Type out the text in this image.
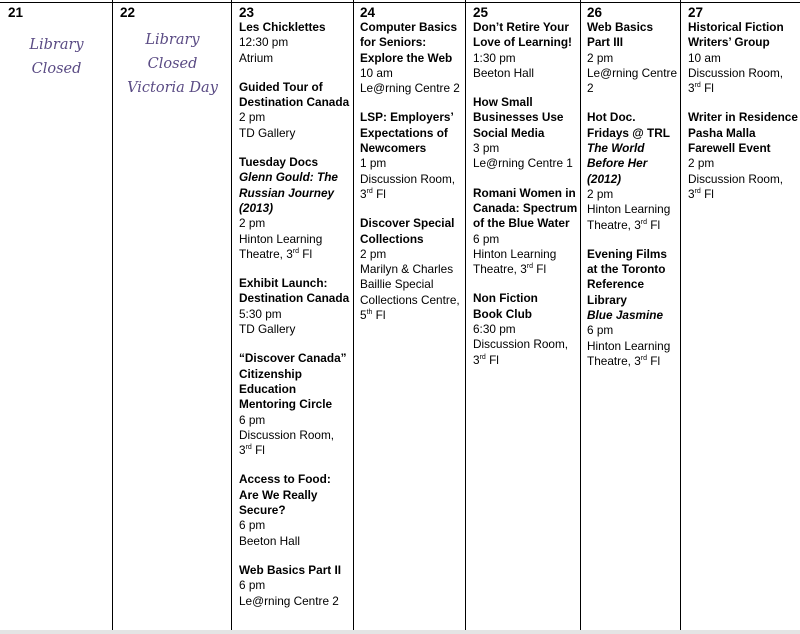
21
Library
Closed
22
Library
Closed
Victoria Day
23
Les Chicklettes
12:30 pm
Atrium
Guided Tour of
Destination Canada
2 pm
TD Gallery
Tuesday Docs
Glenn Gould: The
Russian Journey
(2013)
2 pm
Hinton Learning
Theatre, 3rd Fl
Exhibit Launch:
Destination Canada
5:30 pm
TD Gallery
“Discover Canada”
Citizenship
Education
Mentoring Circle
6 pm
Discussion Room,
3rd Fl
Access to Food:
Are We Really
Secure?
6 pm
Beeton Hall
Web Basics Part II
6 pm
Le@rning Centre 2
24
Computer Basics
for Seniors:
Explore the Web
10 am
Le@rning Centre 2
LSP: Employers’
Expectations of
Newcomers
1 pm
Discussion Room,
3rd Fl
Discover Special
Collections
2 pm
Marilyn & Charles
Baillie Special
Collections Centre,
5th Fl
25
Don’t Retire Your
Love of Learning!
1:30 pm
Beeton Hall
How Small
Businesses Use
Social Media
3 pm
Le@rning Centre 1
Romani Women in
Canada: Spectrum
of the Blue Water
6 pm
Hinton Learning
Theatre, 3rd Fl
Non Fiction
Book Club
6:30 pm
Discussion Room,
3rd Fl
26
Web Basics
Part III
2 pm
Le@rning Centre
2
Hot Doc.
Fridays @ TRL
The World
Before Her
(2012)
2 pm
Hinton Learning
Theatre, 3rd Fl
Evening Films
at the Toronto
Reference
Library
Blue Jasmine
6 pm
Hinton Learning
Theatre, 3rd Fl
27
Historical Fiction
Writers’ Group
10 am
Discussion Room,
3rd Fl
Writer in Residence
Pasha Malla
Farewell Event
2 pm
Discussion Room,
3rd Fl
